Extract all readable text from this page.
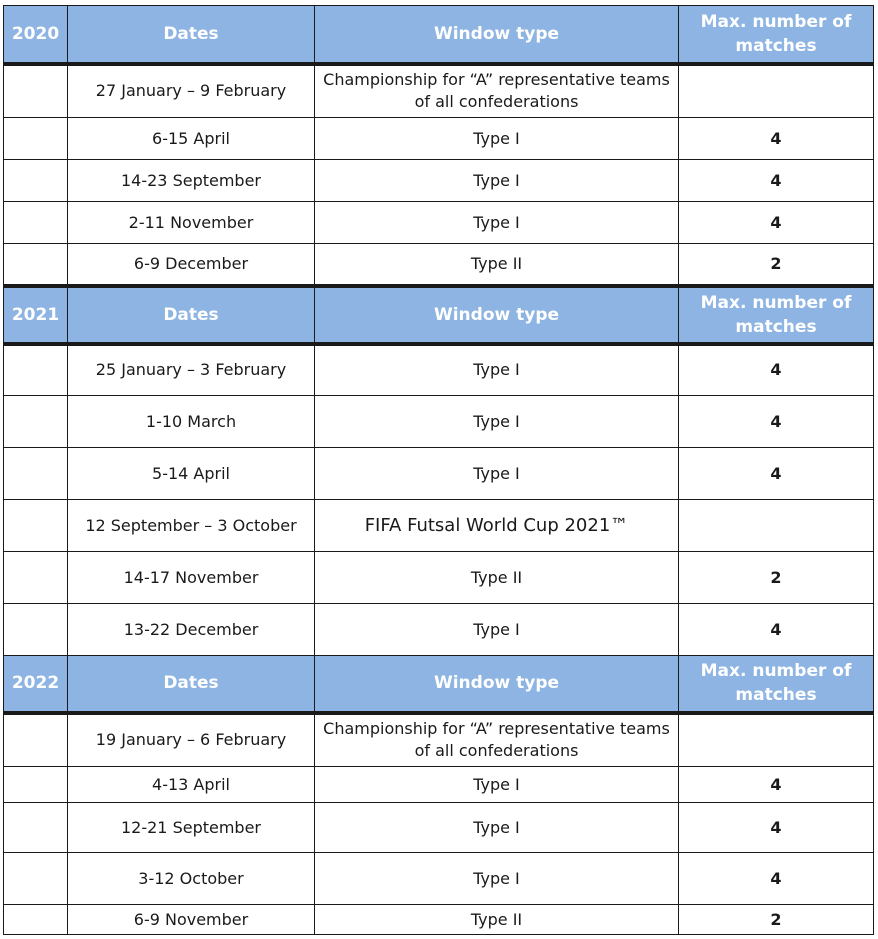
2020	Dates	Window type	Max. number of matches
	27 January – 9 February	Championship for “A” representative teams of all confederations	
	6-15 April	Type I	4
	14-23 September	Type I	4
	2-11 November	Type I	4
	6-9 December	Type II	2
2021	Dates	Window type	Max. number of matches
	25 January – 3 February	Type I	4
	1-10 March	Type I	4
	5-14 April	Type I	4
	12 September – 3 October	FIFA Futsal World Cup 2021™	
	14-17 November	Type II	2
	13-22 December	Type I	4
2022	Dates	Window type	Max. number of matches
	19 January – 6 February	Championship for “A” representative teams of all confederations	
	4-13 April	Type I	4
	12-21 September	Type I	4
	3-12 October	Type I	4
	6-9 November	Type II	2
